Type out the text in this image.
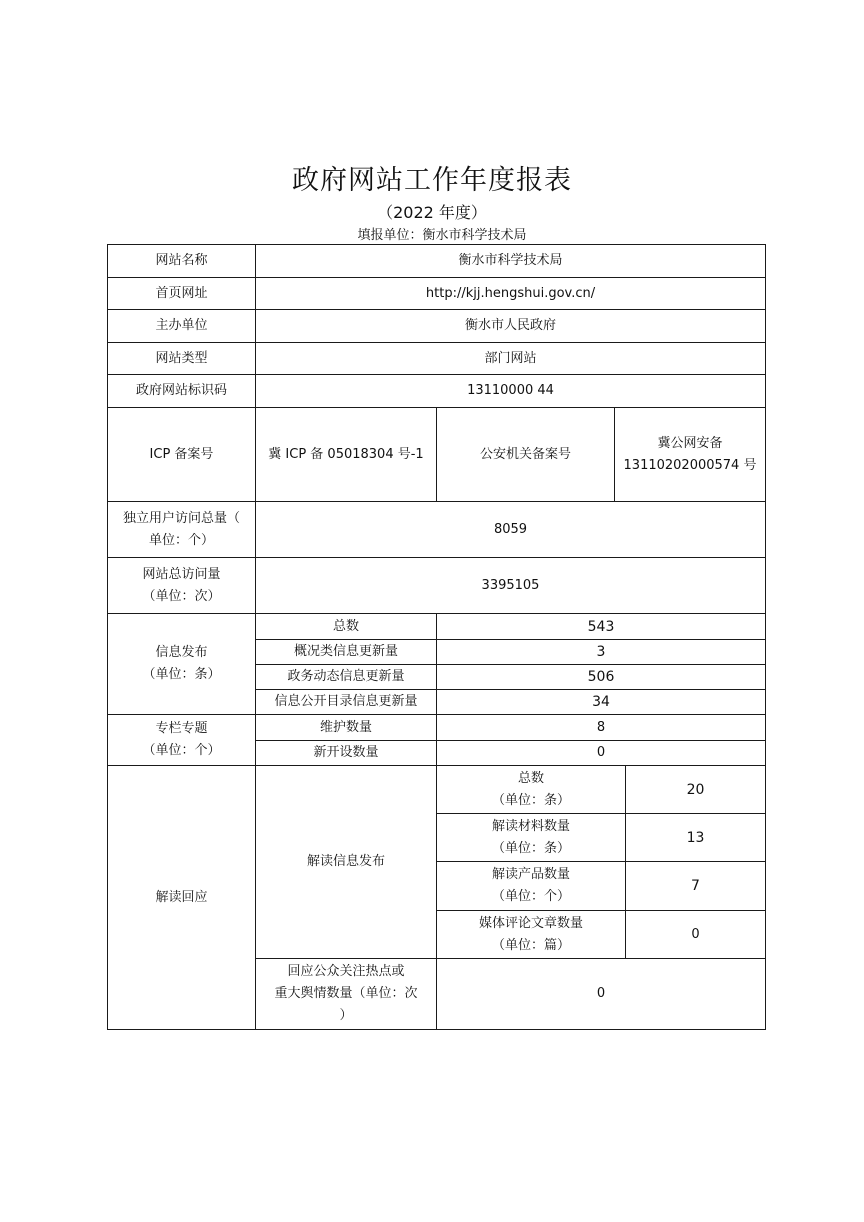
政府网站工作年度报表
（2022 年度）
填报单位：衡水市科学技术局
网站名称	衡水市科学技术局			
首页网址	http://kjj.hengshui.gov.cn/			
主办单位	衡水市人民政府			
网站类型	部门网站			
政府网站标识码	13110000 44			
ICP 备案号	冀 ICP 备 05018304 号-1	公安机关备案号	冀公网安备
13110202000574 号	

独立用户访问总量（
单位：个）	8059			

网站总访问量
（单位：次）	3395105			

信息发布
（单位：条）	总数	543		
	概况类信息更新量	3		
	政务动态信息更新量	506		
	信息公开目录信息更新量	34		

专栏专题
（单位：个）	维护数量	8		
	新开设数量	0		
解读回应	解读信息发布	总数
（单位：条）		20

		解读材料数量
（单位：条）		13

		解读产品数量
（单位：个）		7

		媒体评论文章数量
（单位：篇）		0

	回应公众关注热点或
重大舆情数量（单位：次
）	0		
